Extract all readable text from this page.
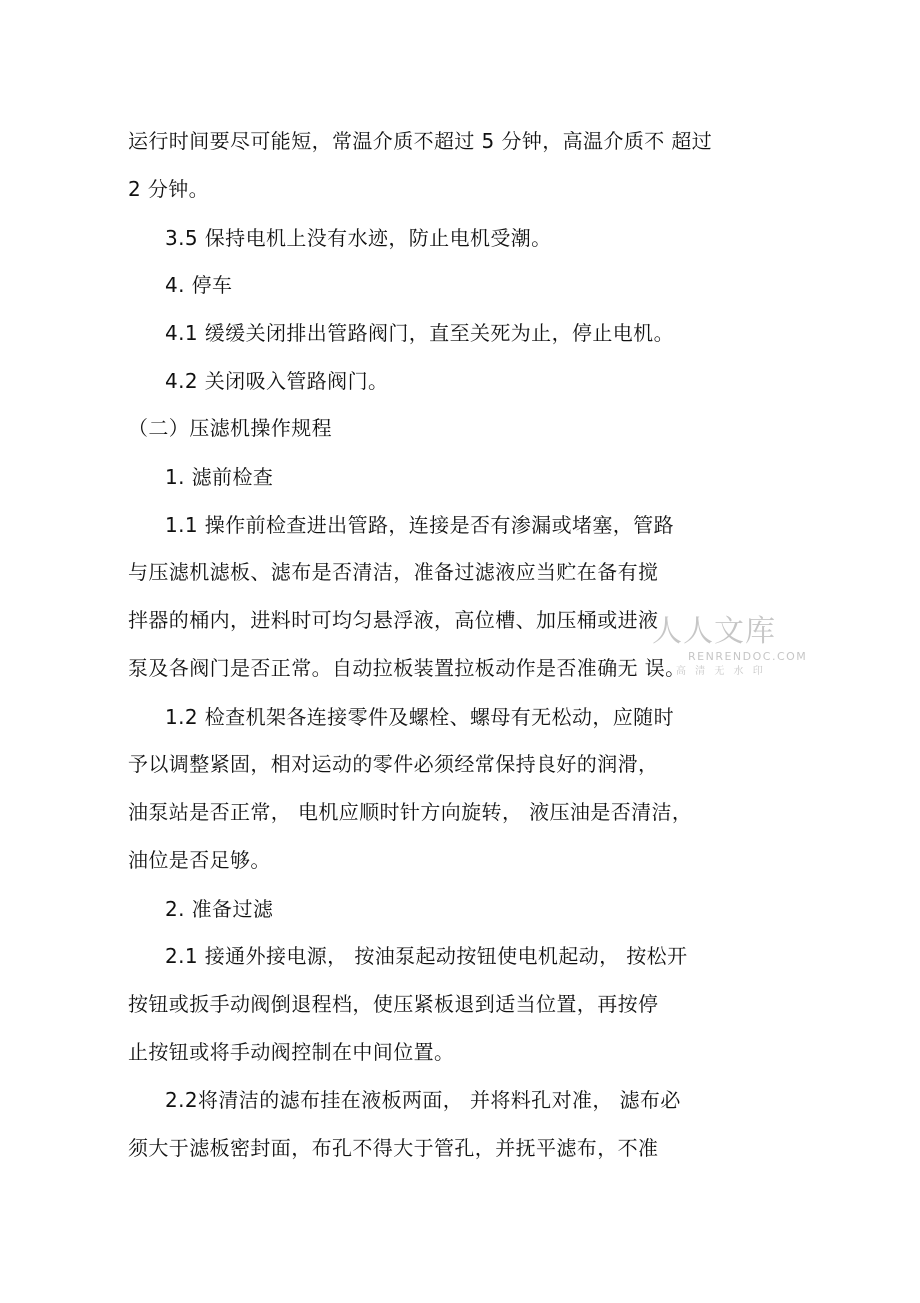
运行时间要尽可能短，常温介质不超过 5 分钟，高温介质不 超过
2 分钟。
3.5 保持电机上没有水迹，防止电机受潮。
4. 停车
4.1 缓缓关闭排出管路阀门，直至关死为止，停止电机。
4.2 关闭吸入管路阀门。
（二）压滤机操作规程
1. 滤前检查
1.1 操作前检查进出管路，连接是否有渗漏或堵塞，管路
与压滤机滤板、滤布是否清洁，准备过滤液应当贮在备有搅
拌器的桶内，进料时可均匀悬浮液，高位槽、加压桶或进液
泵及各阀门是否正常。自动拉板装置拉板动作是否准确无 误。
1.2 检查机架各连接零件及螺栓、螺母有无松动，应随时
予以调整紧固，相对运动的零件必须经常保持良好的润滑，
油泵站是否正常， 电机应顺时针方向旋转， 液压油是否清洁，
油位是否足够。
2. 准备过滤
2.1 接通外接电源， 按油泵起动按钮使电机起动， 按松开
按钮或扳手动阀倒退程档，使压紧板退到适当位置，再按停
止按钮或将手动阀控制在中间位置。
2.2将清洁的滤布挂在液板两面， 并将料孔对准， 滤布必
须大于滤板密封面，布孔不得大于管孔，并抚平滤布，不准
人人文库
RENRENDOC.COM
高 清 无 水 印
